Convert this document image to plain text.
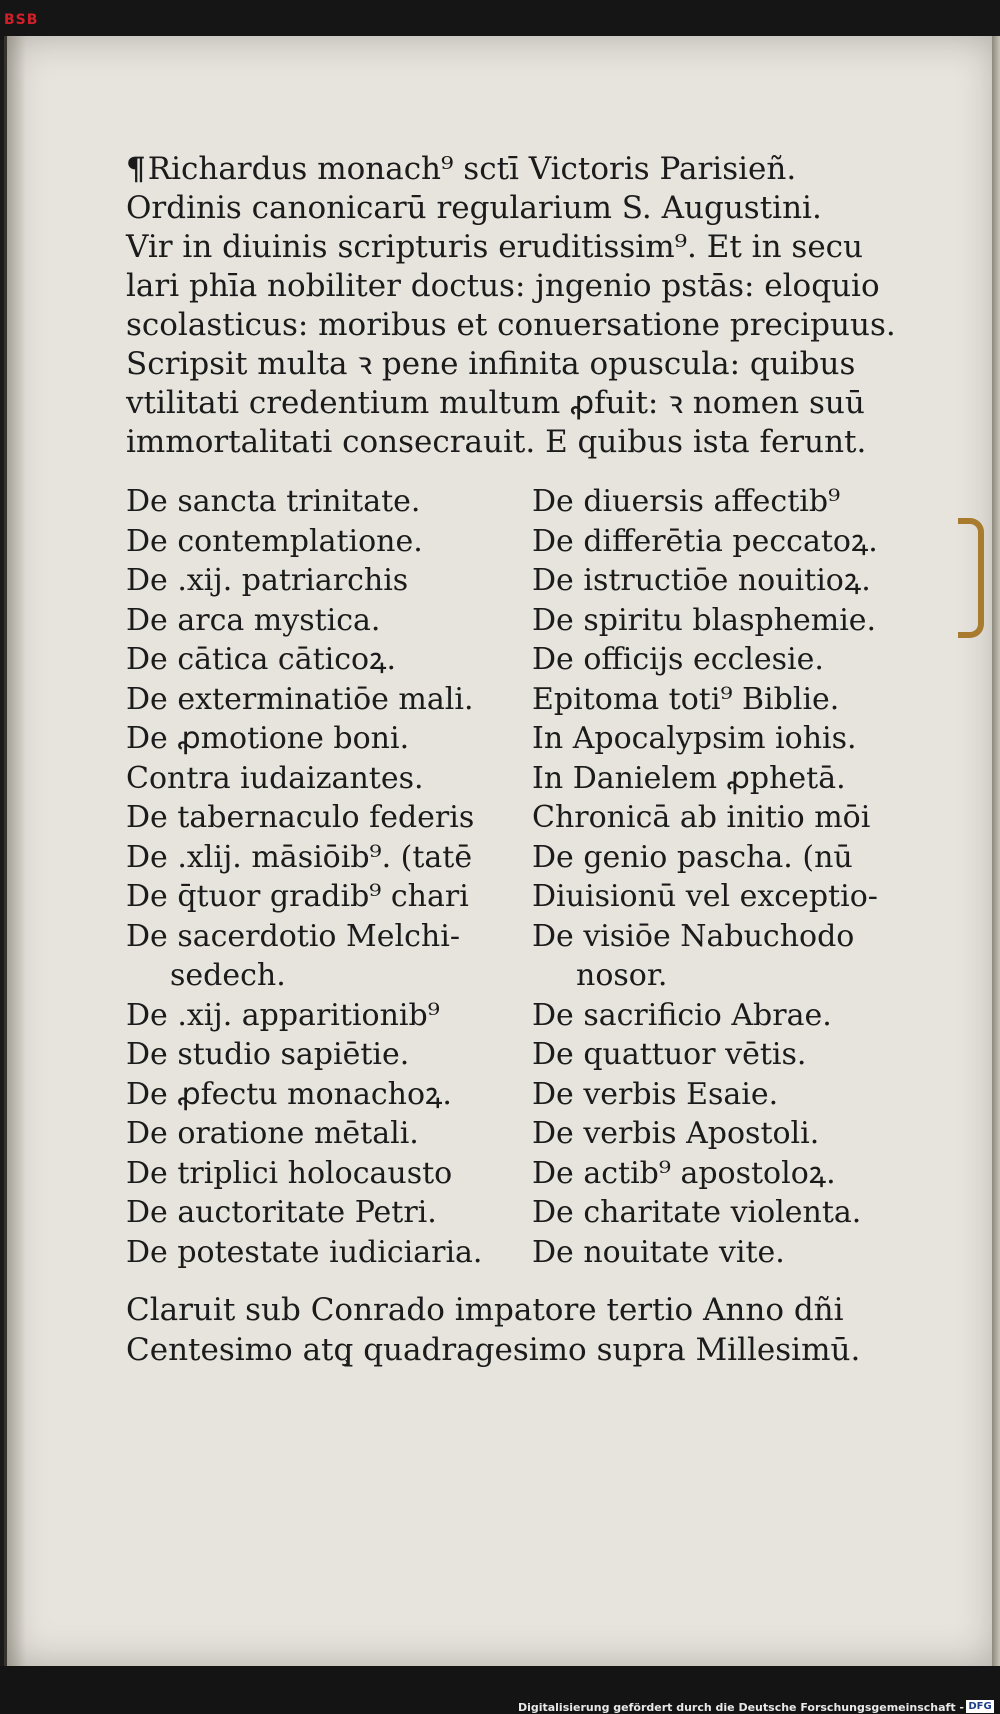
BSB
¶Richardus monach⁹ sctī Victoris Parisieñ.
Ordinis canonicarū regularium S. Augustini.
Vir in diuinis scripturis eruditissim⁹. Et in secu
lari phīa nobiliter doctus: jngenio pstās: eloquio
scolasticus: moribus et conuersatione precipuus.
Scripsit multa ꝛ pene infinita opuscula: quibus
vtilitati credentium multum ꝓfuit: ꝛ nomen suū
immortalitati consecrauit. E quibus ista ferunt.
De sancta trinitate.
De contemplatione.
De .xij. patriarchis
De arca mystica.
De cātica cāticoꝝ.
De exterminatiōe mali.
De ꝓmotione boni.
Contra iudaizantes.
De tabernaculo federis
De .xlij. māsiōib⁹. (tatē
De q̄tuor gradib⁹ chari
De sacerdotio Melchi-
sedech.
De .xij. apparitionib⁹
De studio sapiētie.
De ꝓfectu monachoꝝ.
De oratione mētali.
De triplici holocausto
De auctoritate Petri.
De potestate iudiciaria.
De diuersis affectib⁹
De differētia peccatoꝝ.
De istructiōe nouitioꝝ.
De spiritu blasphemie.
De officijs ecclesie.
Epitoma toti⁹ Biblie.
In Apocalypsim iohis.
In Danielem ꝓphetā.
Chronicā ab initio mōi
De genio pascha. (nū
Diuisionū vel exceptio-
De visiōe Nabuchodo
nosor.
De sacrificio Abrae.
De quattuor vētis.
De verbis Esaie.
De verbis Apostoli.
De actib⁹ apostoloꝝ.
De charitate violenta.
De nouitate vite.
Claruit sub Conrado impatore tertio Anno dñi
Centesimo atq̧ quadragesimo supra Millesimū.
Digitalisierung gefördert durch die Deutsche Forschungsgemeinschaft - DFG
